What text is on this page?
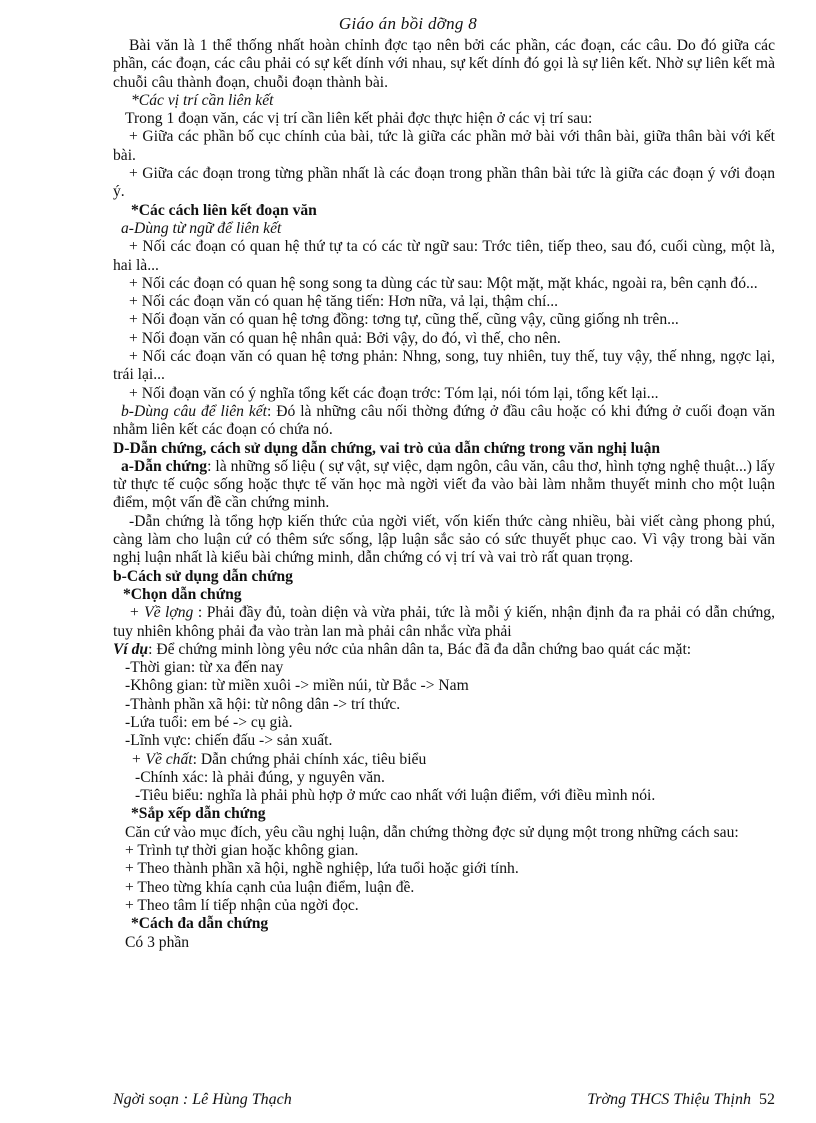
Giáo án bồi dỡng 8

Bài văn là 1 thể thống nhất hoàn chỉnh đợc tạo nên bởi các phần, các đoạn, các câu. Do đó giữa các phần, các đoạn, các câu phải có sự kết dính với nhau, sự kết dính đó gọi là sự liên kết. Nhờ sự liên kết mà chuỗi câu thành đoạn, chuỗi đoạn thành bài.

*Các vị trí cần liên kết

Trong 1 đoạn văn, các vị trí cần liên kết phải đợc thực hiện ở các vị trí sau:

+ Giữa các phần bố cục chính của bài, tức là giữa các phần mở bài với thân bài, giữa thân bài với kết bài.

+ Giữa các đoạn trong từng phần nhất là các đoạn trong phần thân bài tức là giữa các đoạn ý với đoạn ý.

*Các cách liên kết đoạn văn

a-Dùng từ ngữ để liên kết

+ Nối các đoạn có quan hệ thứ tự ta có các từ ngữ sau: Trớc tiên, tiếp theo, sau đó, cuối cùng, một là, hai là...

+ Nối các đoạn có quan hệ song song ta dùng các từ sau: Một mặt, mặt khác, ngoài ra, bên cạnh đó...

+ Nối các đoạn văn có quan hệ tăng tiến: Hơn nữa, vả lại, thậm chí...

+ Nối đoạn văn có quan hệ tơng đồng: tơng tự, cũng thế, cũng vậy, cũng giống nh trên...

+ Nối đoạn văn có quan hệ nhân quả: Bởi vậy, do đó, vì thế, cho nên.

+ Nối các đoạn văn có quan hệ tơng phản: Nhng, song, tuy nhiên, tuy thế, tuy vậy, thế nhng, ngợc lại, trái lại...

+ Nối đoạn văn có ý nghĩa tổng kết các đoạn trớc: Tóm lại, nói tóm lại, tổng kết lại...

b-Dùng câu để liên kết: Đó là những câu nối thờng đứng ở đầu câu hoặc có khi đứng ở cuối đoạn văn nhằm liên kết các đoạn có chứa nó.

D-Dẫn chứng, cách sử dụng dẫn chứng, vai trò của dẫn chứng trong văn nghị luận

a-Dẫn chứng: là những số liệu ( sự vật, sự việc, dạm ngôn, câu văn, câu thơ, hình tợng nghệ thuật...) lấy từ thực tế cuộc sống hoặc thực tế văn học mà ngời viết đa vào bài làm nhằm thuyết minh cho một luận điểm, một vấn đề cần chứng minh.

-Dẫn chứng là tổng hợp kiến thức của ngời viết, vốn kiến thức càng nhiều, bài viết càng phong phú, càng làm cho luận cứ có thêm sức sống, lập luận sắc sảo có sức thuyết phục cao. Vì vậy trong bài văn nghị luận nhất là kiểu bài chứng minh, dẫn chứng có vị trí và vai trò rất quan trọng.

b-Cách sử dụng dẫn chứng

*Chọn dẫn chứng

+ Về lợng : Phải đầy đủ, toàn diện và vừa phải, tức là mỗi ý kiến, nhận định đa ra phải có dẫn chứng, tuy nhiên không phải đa vào tràn lan mà phải cân nhắc vừa phải

Ví dụ: Để chứng minh lòng yêu nớc của nhân dân ta, Bác đã đa dẫn chứng bao quát các mặt:

-Thời gian: từ xa đến nay

-Không gian: từ miền xuôi -> miền núi, từ Bắc -> Nam

-Thành phần xã hội: từ nông dân -> trí thức.

-Lứa tuổi: em bé -> cụ già.

-Lĩnh vực: chiến đấu -> sản xuất.

+ Về chất: Dẫn chứng phải chính xác, tiêu biểu

-Chính xác: là phải đúng, y nguyên văn.

-Tiêu biểu: nghĩa là phải phù hợp ở mức cao nhất với luận điểm, với điều mình nói.

*Sắp xếp dẫn chứng

Căn cứ vào mục đích, yêu cầu nghị luận, dẫn chứng thờng đợc sử dụng một trong những cách sau:

+ Trình tự thời gian hoặc không gian.

+ Theo thành phần xã hội, nghề nghiệp, lứa tuổi hoặc giới tính.

+ Theo từng khía cạnh của luận điểm, luận đề.

+ Theo tâm lí tiếp nhận của ngời đọc.

*Cách đa dẫn chứng

Có 3 phần

Ngời soạn : Lê Hùng Thạch	Trờng THCS Thiệu Thịnh 52
